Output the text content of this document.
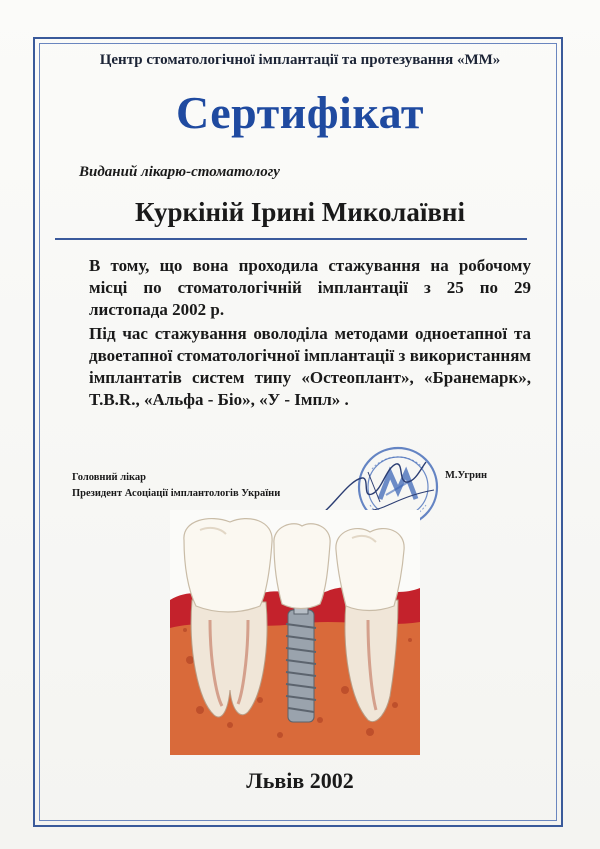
Центр стоматологічної імплантації та протезування «ММ»
Сертифікат
Виданий лікарю-стоматологу
Куркіній Ірині Миколаївні

В тому, що вона проходила стажування на робочому місці по стоматологічній імплантації з 25 по 29 листопада 2002 р.

Під час стажування оволоділа методами одноетапної та двоетапної стоматологічної імплантації з використанням імплантатів систем типу «Остеоплант», «Бранемарк», T.B.R., «Альфа - Біо», «У - Імпл» .

Головний лікар
Президент Асоціації імплантологів України
М.Угрин
Львів 2002
